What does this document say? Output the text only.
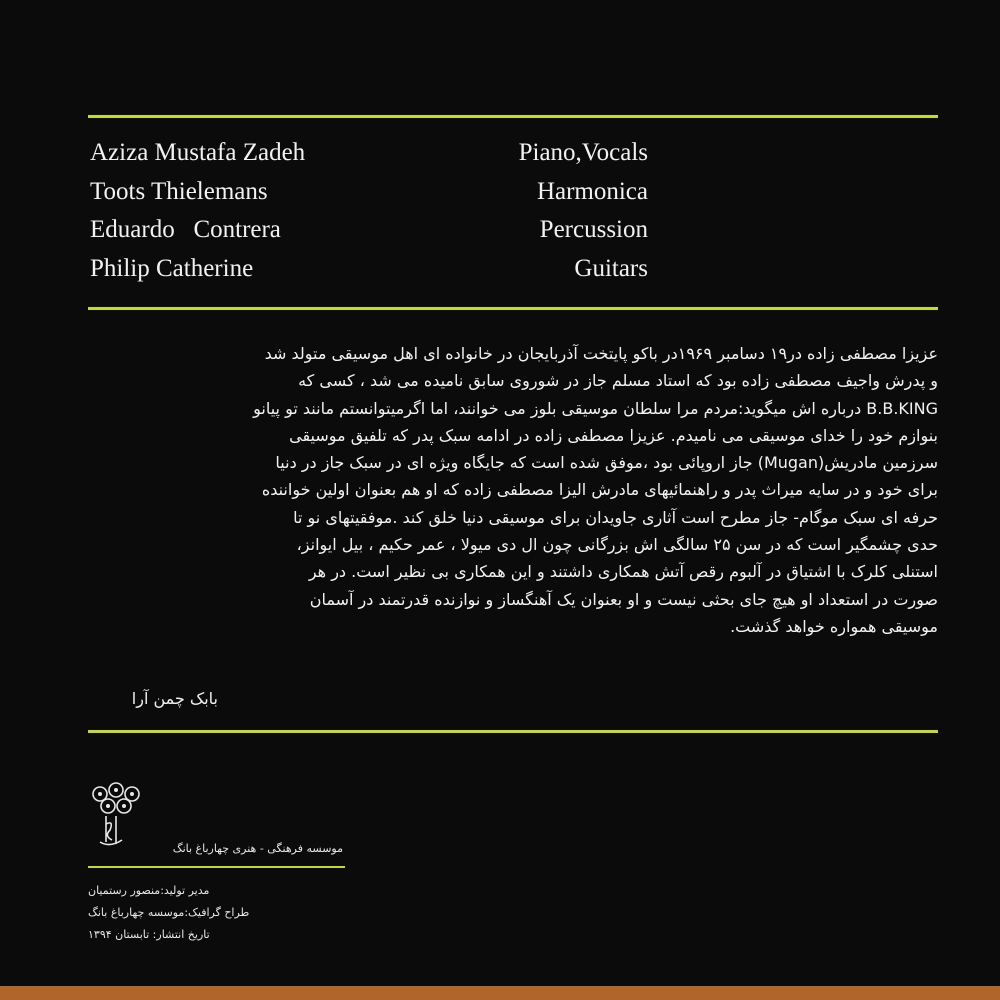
Aziza Mustafa Zadeh	Piano,Vocals
Toots Thielemans	Harmonica
Eduardo   Contrera	Percussion
Philip Catherine	Guitars
عزیزا مصطفی زاده در۱۹ دسامبر ۱۹۶۹در باکو پایتخت آذربایجان در خانواده ای اهل موسیقی متولد شد
و پدرش واجیف مصطفی زاده بود که استاد مسلم جاز در شوروی سابق نامیده می شد ، کسی که
B.B.KING درباره اش میگوید:مردم مرا سلطان موسیقی بلوز می خوانند، اما اگرمیتوانستم مانند تو پیانو
بنوازم خود را خدای موسیقی می نامیدم. عزیزا مصطفی زاده در ادامه سبک پدر که تلفیق موسیقی
سرزمین مادریش(Mugan) جاز اروپائی بود ،موفق شده است که جایگاه ویژه ای در سبک جاز در دنیا
برای خود و در سایه میراث پدر و راهنمائیهای مادرش الیزا مصطفی زاده که او هم بعنوان اولین خواننده
حرفه ای سبک موگام- جاز مطرح است آثاری جاویدان برای موسیقی دنیا خلق کند .موفقیتهای نو تا
حدی چشمگیر است که در سن ۲۵ سالگی اش بزرگانی چون ال دی میولا ، عمر حکیم ، بیل ایوانز،
استنلی کلرک با اشتیاق در آلبوم رقص آتش همکاری داشتند و این همکاری بی نظیر است. در هر
صورت در استعداد او هیچ جای بحثی نیست و او بعنوان یک آهنگساز و نوازنده قدرتمند در آسمان
موسیقی همواره خواهد گذشت.
بابک چمن آرا
موسسه فرهنگی - هنری چهارباغ بانگ
مدیر تولید:منصور رستمیان
طراح گرافیک:موسسه چهارباغ بانگ
تاریخ انتشار: تابستان ۱۳۹۴
